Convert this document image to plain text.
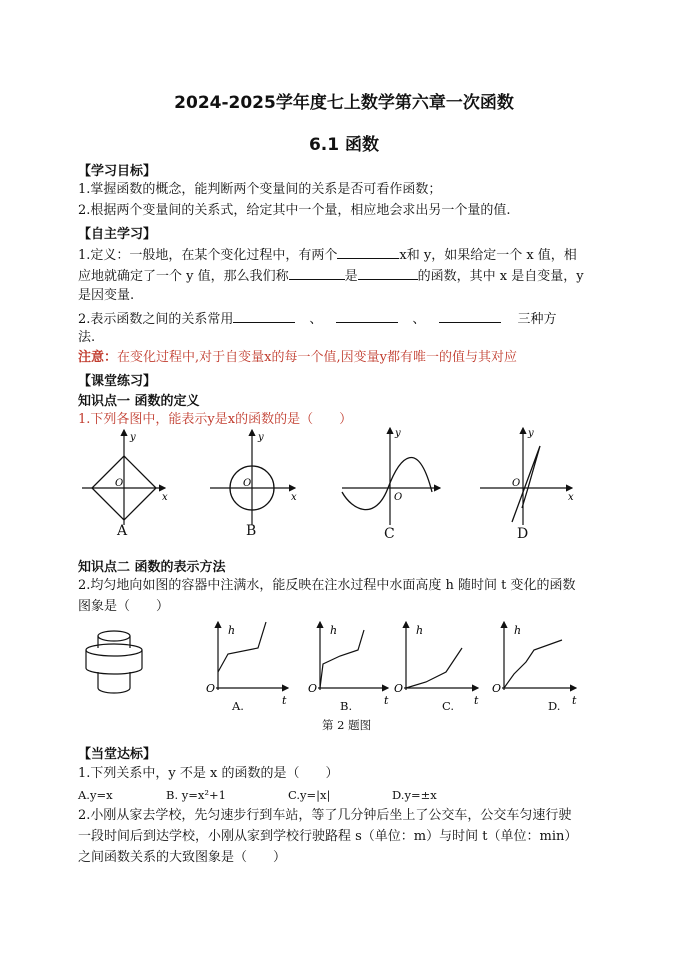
2024-2025学年度七上数学第六章一次函数
6.1 函数
【学习目标】
1.掌握函数的概念，能判断两个变量间的关系是否可看作函数；
2.根据两个变量间的关系式，给定其中一个量，相应地会求出另一个量的值.
【自主学习】
1.定义：一般地，在某个变化过程中，有两个	x和 y，如果给定一个 x 值，相
应地就确定了一个 y 值，那么我们称	是	的函数，其中 x 是自变量，y
是因变量.
2.表示函数之间的关系常用	、	、	三种方
法.
注意：在变化过程中,对于自变量x的每一个值,因变量y都有唯一的值与其对应
【课堂练习】
知识点一 函数的定义
1.下列各图中，能表示y是x的函数的是（　　）
O
y
x
O
y
x	O
y
O
y
x
A	B	C	D
知识点二 函数的表示方法
2.均匀地向如图的容器中注满水，能反映在注水过程中水面高度 h 随时间 t 变化的函数
图象是（　　）
h
O
t
h
O
t
h
O
t
h
O
t
A.	B.	C.	D.
第 2 题图
【当堂达标】
1.下列关系中，y 不是 x 的函数的是（　　）
A.y=x	B. y=x²+1	C.y=|x|	D.y=±x
2.小刚从家去学校，先匀速步行到车站，等了几分钟后坐上了公交车，公交车匀速行驶
一段时间后到达学校，小刚从家到学校行驶路程 s（单位：m）与时间 t（单位：min）
之间函数关系的大致图象是（　　）
